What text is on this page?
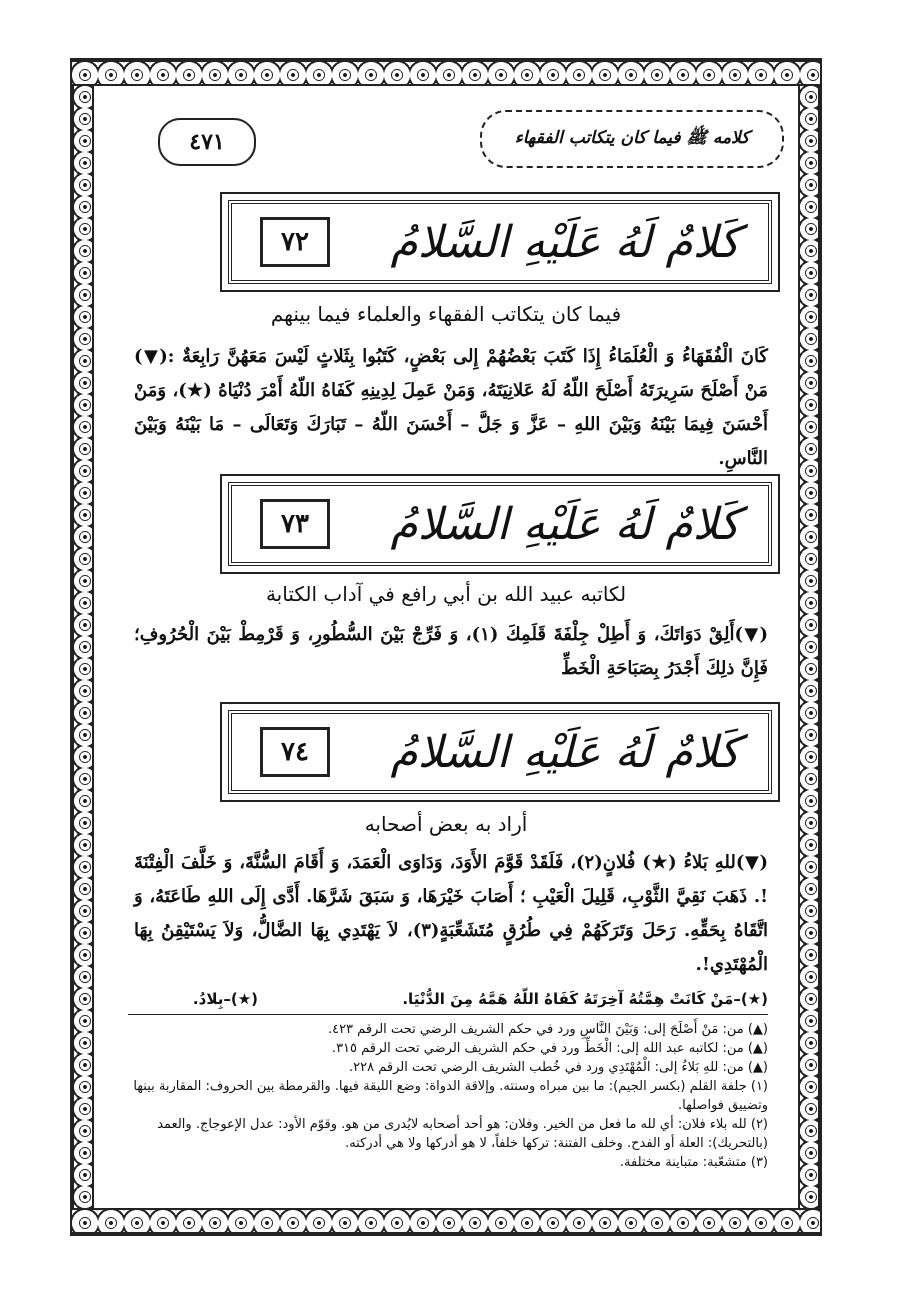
٤٧١	كلامه ﷺ فيما كان يتكاتب الفقهاء
كَلامٌ لَهُ عَلَيْهِ السَّلامُ
٧٢
فيما كان يتكاتب الفقهاء والعلماء فيما بينهم
كَانَ الْفُقَهَاءُ وَ الْعُلَمَاءُ إِذَا كَتَبَ بَعْضُهُمْ إِلى بَعْضٍ، كَتَبُوا بِثَلاثٍ لَيْسَ مَعَهُنَّ رَابِعَةٌ :(▼) مَنْ أَصْلَحَ سَرِيرَتَهُ أَصْلَحَ اللّهُ لَهُ عَلانِيَتَهُ، وَمَنْ عَمِلَ لِدِينِهِ كَفَاهُ اللّهُ أَمْرَ دُنْيَاهُ (★)، وَمَنْ أَحْسَنَ فِيمَا بَيْنَهُ وَبَيْنَ اللهِ – عَزَّ وَ جَلَّ – أَحْسَنَ اللّهُ – تَبَارَكَ وَتَعَالَى – مَا بَيْنَهُ وَبَيْنَ النَّاسِ.
كَلامٌ لَهُ عَلَيْهِ السَّلامُ
٧٣
لكاتبه عبيد الله بن أبي رافع في آداب الكتابة
(▼)أَلِقْ دَوَاتَكَ، وَ أَطِلْ جِلْفَةَ قَلَمِكَ (١)، وَ فَرِّجْ بَيْنَ السُّطُورِ، وَ قَرْمِطْ بَيْنَ الْحُرُوفِ؛ فَإِنَّ ذلِكَ أَجْدَرُ بِصَبَاحَةِ الْخَطِّ
كَلامٌ لَهُ عَلَيْهِ السَّلامُ
٧٤
أراد به بعض أصحابه
(▼)للهِ بَلاءُ (★) فُلانٍ(٢)، فَلَقَدْ قَوَّمَ الأَوَدَ، وَدَاوَى الْعَمَدَ، وَ أَقَامَ السُّنَّةَ، وَ خَلَّفَ الْفِتْنَةَ !. ذَهَبَ نَقِيَّ الثَّوْبِ، قَلِيلَ الْعَيْبِ ؛ أَصَابَ خَيْرَهَا، وَ سَبَقَ شَرَّهَا. أَدَّى إِلَى اللهِ طَاعَتَهُ، وَ اتَّقَاهُ بِحَقِّهِ. رَحَلَ وَتَرَكَهُمْ فِي طُرُقٍ مُتَشَعِّبَةٍ(٣)، لاَ يَهْتَدِي بِهَا الضَّالُّ، وَلاَ يَسْتَيْقِنُ بِهَا الْمُهْتَدِي!.

(★)–مَنْ كَانَتْ هِمَّتُهُ آخِرَتَهُ كَفَاهُ اللّهُ هَمَّهُ مِنَ الدُّنْيَا.

(★)–بِلادُ.

(▲) من: مَنْ أَصْلَحَ إلى: وَبَيْنَ النَّاسِ ورد في حكم الشريف الرضي تحت الرقم ٤٢٣.

(▲) من: لكاتبه عبد الله إلى: الْخَطِّ ورد في حكم الشريف الرضي تحت الرقم ٣١٥.

(▲) من: للهِ بَلاءُ إلى: الْمُهْتَدِي ورد في خُطب الشريف الرضي تحت الرقم ٢٢٨.

(١) جلفة القلم (بكسر الجيم): ما بين مبراه وسنته. وإلاقة الدواة: وضع الليقة فيها. والقرمطة بين الحروف: المقاربة بينها وتضييق فواصلها.

(٢) لله بلاء فلان: أي لله ما فعل من الخير. وفلان: هو أحد أصحابه لايُدرى من هو. وقوّم الأود: عدل الإعوجاج. والعمد (بالتحريك): العلة أو الفدح. وخلف الفتنة: تركها خلفاً، لا هو أدركها ولا هي أدركته.

(٣) متشعّبة: متباينة مختلفة.
